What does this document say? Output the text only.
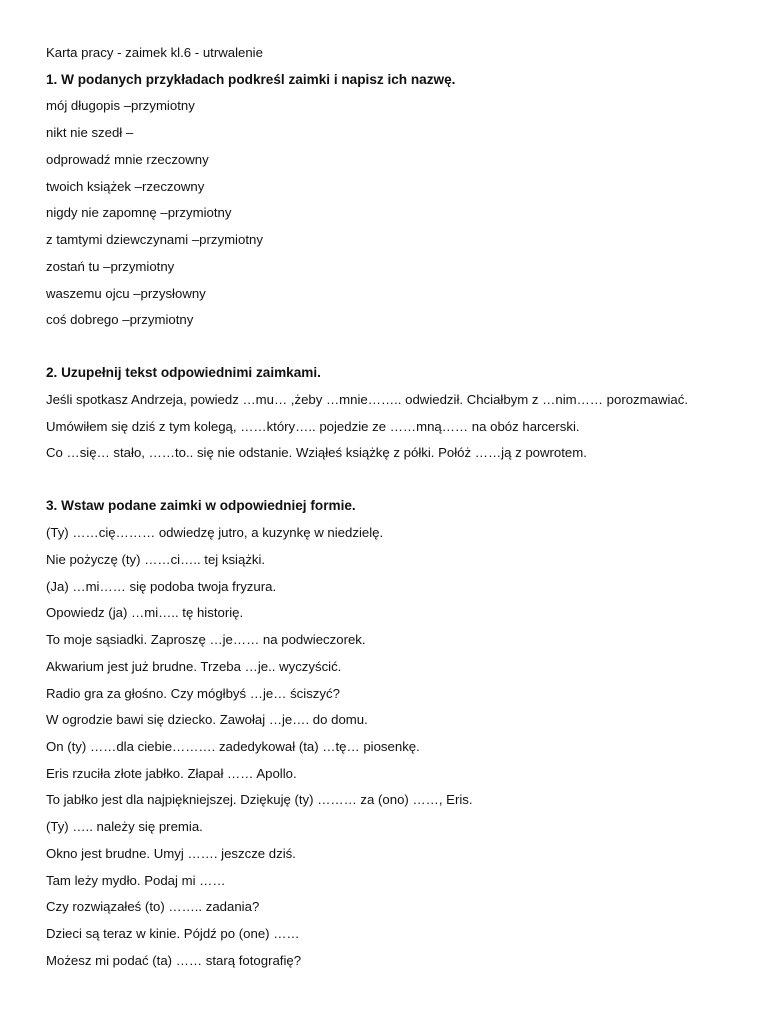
Karta pracy - zaimek kl.6 - utrwalenie
1. W podanych przykładach podkreśl zaimki i napisz ich nazwę.
mój długopis –przymiotny
nikt nie szedł –
odprowadź mnie rzeczowny
twoich książek –rzeczowny
nigdy nie zapomnę –przymiotny
z tamtymi dziewczynami –przymiotny
zostań tu –przymiotny
waszemu ojcu –przysłowny
coś dobrego –przymiotny
2. Uzupełnij tekst odpowiednimi zaimkami.
Jeśli spotkasz Andrzeja, powiedz …mu… ,żeby …mnie…….. odwiedził. Chciałbym z …nim…… porozmawiać.
Umówiłem się dziś z tym kolegą, ……który….. pojedzie ze ……mną…… na obóz harcerski.
Co …się… stało, ……to.. się nie odstanie. Wziąłeś książkę z półki. Połóż ……ją z powrotem.
3. Wstaw podane zaimki w odpowiedniej formie.
(Ty) ……cię……… odwiedzę jutro, a kuzynkę w niedzielę.
Nie pożyczę (ty) ……ci….. tej książki.
(Ja) …mi…… się podoba twoja fryzura.
Opowiedz (ja) …mi….. tę historię.
To moje sąsiadki. Zaproszę …je…… na podwieczorek.
Akwarium jest już brudne. Trzeba …je.. wyczyścić.
Radio gra za głośno. Czy mógłbyś …je… ściszyć?
W ogrodzie bawi się dziecko. Zawołaj …je…. do domu.
On (ty) ……dla ciebie………. zadedykował (ta) …tę… piosenkę.
Eris rzuciła złote jabłko. Złapał …… Apollo.
To jabłko jest dla najpiękniejszej. Dziękuję (ty) ……… za (ono) ……, Eris.
(Ty) ….. należy się premia.
Okno jest brudne. Umyj ……. jeszcze dziś.
Tam leży mydło. Podaj mi ……
Czy rozwiązałeś (to) …….. zadania?
Dzieci są teraz w kinie. Pójdź po (one) ……
Możesz mi podać (ta) …… starą fotografię?
